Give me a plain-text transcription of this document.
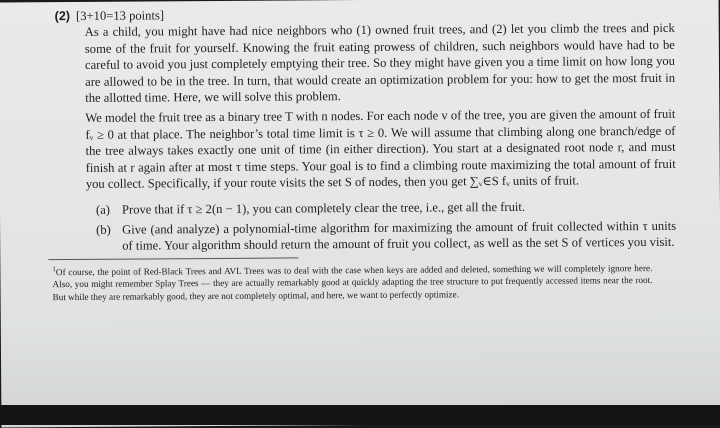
(2) [3+10=13 points]

As a child, you might have had nice neighbors who (1) owned fruit trees, and (2) let you climb the trees and pick some of the fruit for yourself. Knowing the fruit eating prowess of children, such neighbors would have had to be careful to avoid you just completely emptying their tree. So they might have given you a time limit on how long you are allowed to be in the tree. In turn, that would create an optimization problem for you: how to get the most fruit in the allotted time. Here, we will solve this problem.

We model the fruit tree as a binary tree T with n nodes. For each node v of the tree, you are given the amount of fruit fᵥ ≥ 0 at that place. The neighbor’s total time limit is τ ≥ 0. We will assume that climbing along one branch/edge of the tree always takes exactly one unit of time (in either direction). You start at a designated root node r, and must finish at r again after at most τ time steps. Your goal is to find a climbing route maximizing the total amount of fruit you collect. Specifically, if your route visits the set S of nodes, then you get ∑ᵥ∈S fᵥ units of fruit.

(a) Prove that if τ ≥ 2(n − 1), you can completely clear the tree, i.e., get all the fruit.
(b) Give (and analyze) a polynomial-time algorithm for maximizing the amount of fruit collected within τ units of time. Your algorithm should return the amount of fruit you collect, as well as the set S of vertices you visit.
$^1$Of course, the point of Red-Black Trees and AVL Trees was to deal with the case when keys are added and deleted, something we will completely ignore here. Also, you might remember Splay Trees — they are actually remarkably good at quickly adapting the tree structure to put frequently accessed items near the root. But while they are remarkably good, they are not completely optimal, and here, we want to perfectly optimize.
